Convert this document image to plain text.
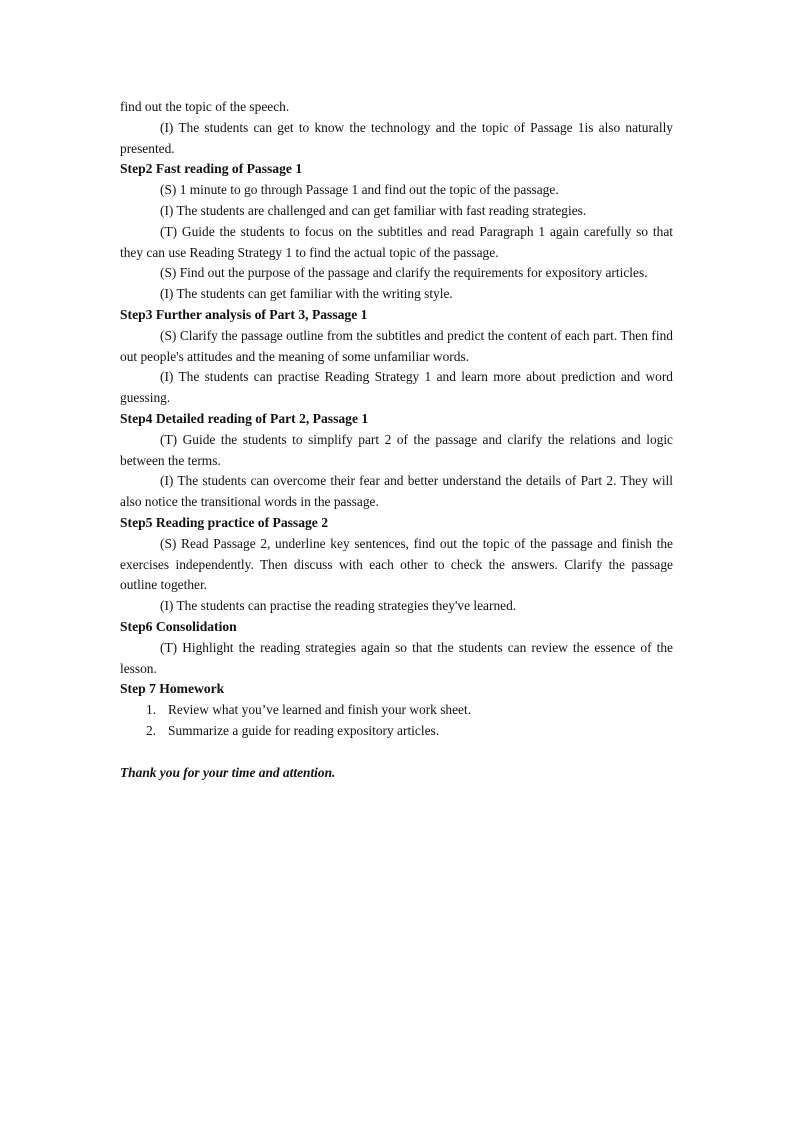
find out the topic of the speech.

(I) The students can get to know the technology and the topic of Passage 1is also naturally presented.

Step2 Fast reading of Passage 1

(S) 1 minute to go through Passage 1 and find out the topic of the passage.

(I) The students are challenged and can get familiar with fast reading strategies.

(T) Guide the students to focus on the subtitles and read Paragraph 1 again carefully so that they can use Reading Strategy 1 to find the actual topic of the passage.

(S) Find out the purpose of the passage and clarify the requirements for expository articles.

(I) The students can get familiar with the writing style.

Step3 Further analysis of Part 3, Passage 1

(S) Clarify the passage outline from the subtitles and predict the content of each part. Then find out people's attitudes and the meaning of some unfamiliar words.

(I) The students can practise Reading Strategy 1 and learn more about prediction and word guessing.

Step4 Detailed reading of Part 2, Passage 1

(T) Guide the students to simplify part 2 of the passage and clarify the relations and logic between the terms.

(I) The students can overcome their fear and better understand the details of Part 2. They will also notice the transitional words in the passage.

Step5 Reading practice of Passage 2

(S) Read Passage 2, underline key sentences, find out the topic of the passage and finish the exercises independently. Then discuss with each other to check the answers. Clarify the passage outline together.

(I) The students can practise the reading strategies they've learned.

Step6 Consolidation

(T) Highlight the reading strategies again so that the students can review the essence of the lesson.

Step 7 Homework

1. Review what you’ve learned and finish your work sheet.
2. Summarize a guide for reading expository articles.

Thank you for your time and attention.
